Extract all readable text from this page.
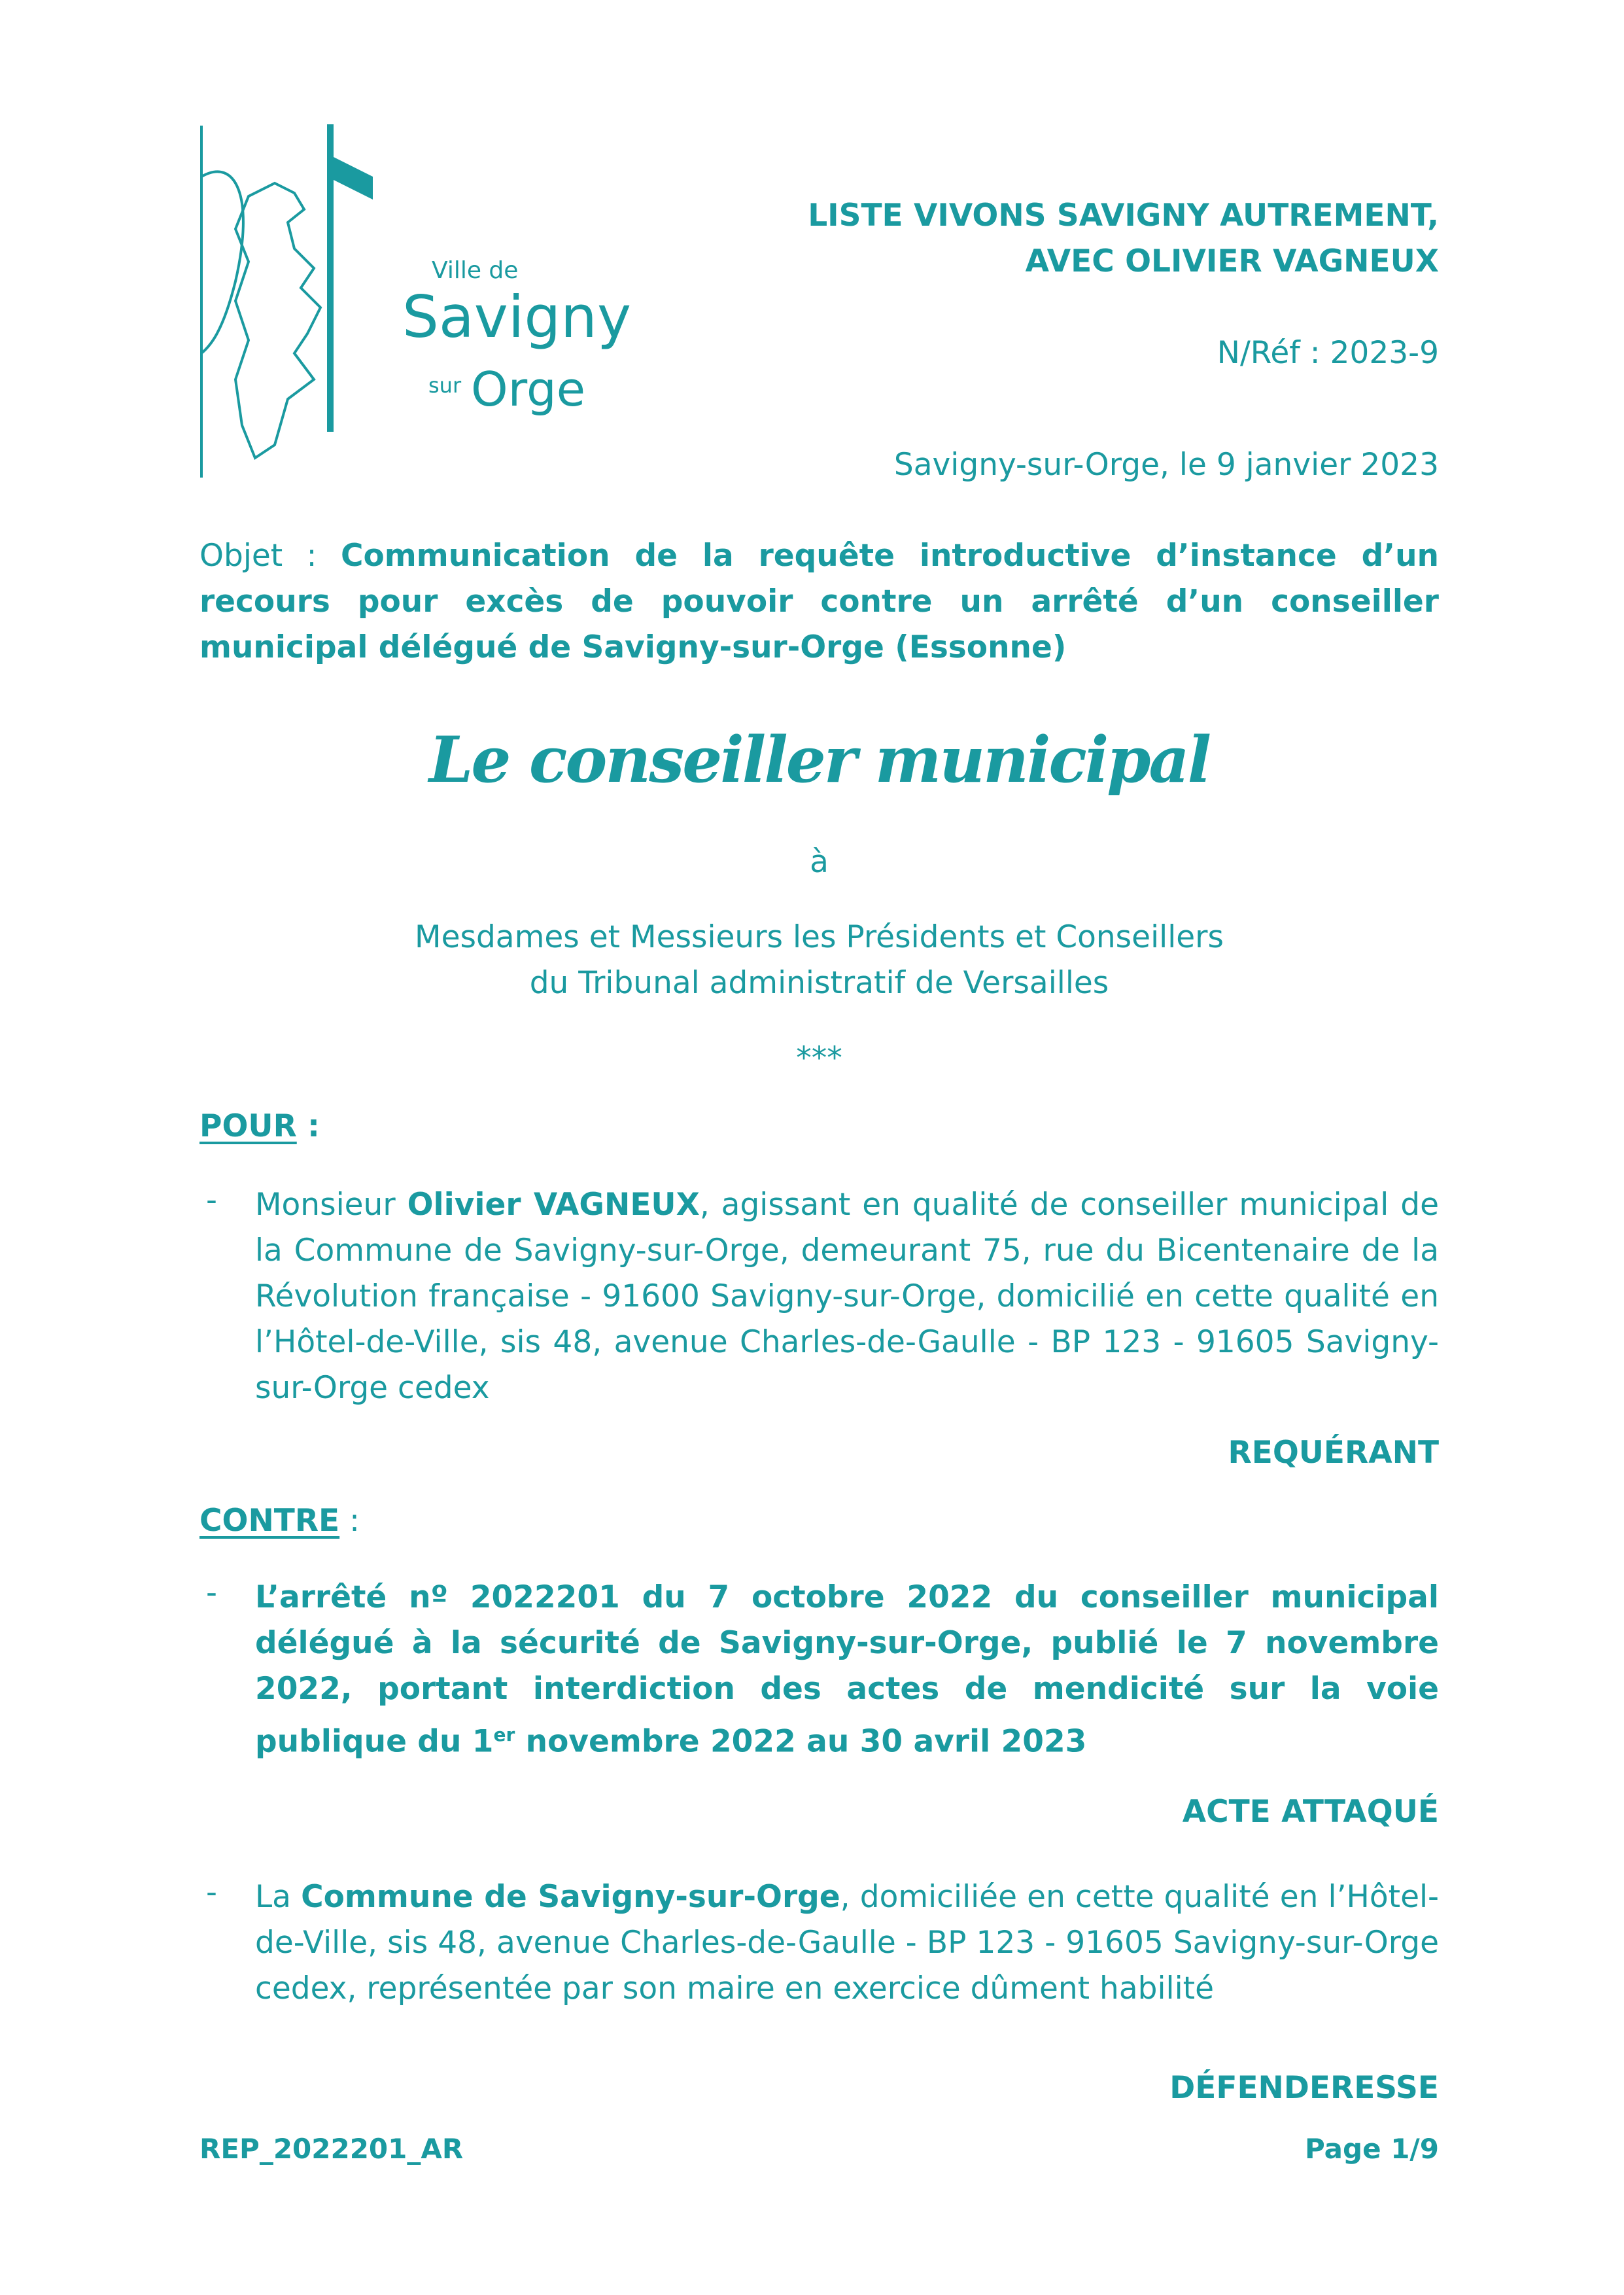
Ville de
Savigny
sur Orge
LISTE VIVONS SAVIGNY AUTREMENT,
AVEC OLIVIER VAGNEUX
N/Réf : 2023-9
Savigny-sur-Orge, le 9 janvier 2023
Objet : Communication de la requête introductive d’instance d’un recours pour excès de pouvoir contre un arrêté d’un conseiller municipal délégué de Savigny-sur-Orge (Essonne)
Le conseiller municipal
à
Mesdames et Messieurs les Présidents et Conseillers
du Tribunal administratif de Versailles
***
POUR :
- Monsieur Olivier VAGNEUX, agissant en qualité de conseiller municipal de la Commune de Savigny-sur-Orge, demeurant 75, rue du Bicentenaire de la Révolution française - 91600 Savigny-sur-Orge, domicilié en cette qualité en l’Hôtel-de-Ville, sis 48, avenue Charles-de-Gaulle - BP 123 - 91605 Savigny-sur-Orge cedex
REQUÉRANT
CONTRE :
- L’arrêté nº 2022201 du 7 octobre 2022 du conseiller municipal délégué à la sécurité de Savigny-sur-Orge, publié le 7 novembre 2022, portant interdiction des actes de mendicité sur la voie publique du 1er novembre 2022 au 30 avril 2023
ACTE ATTAQUÉ
- La Commune de Savigny-sur-Orge, domiciliée en cette qualité en l’Hôtel-de-Ville, sis 48, avenue Charles-de-Gaulle - BP 123 - 91605 Savigny-sur-Orge cedex, représentée par son maire en exercice dûment habilité
DÉFENDERESSE
REP_2022201_AR	Page 1/9
